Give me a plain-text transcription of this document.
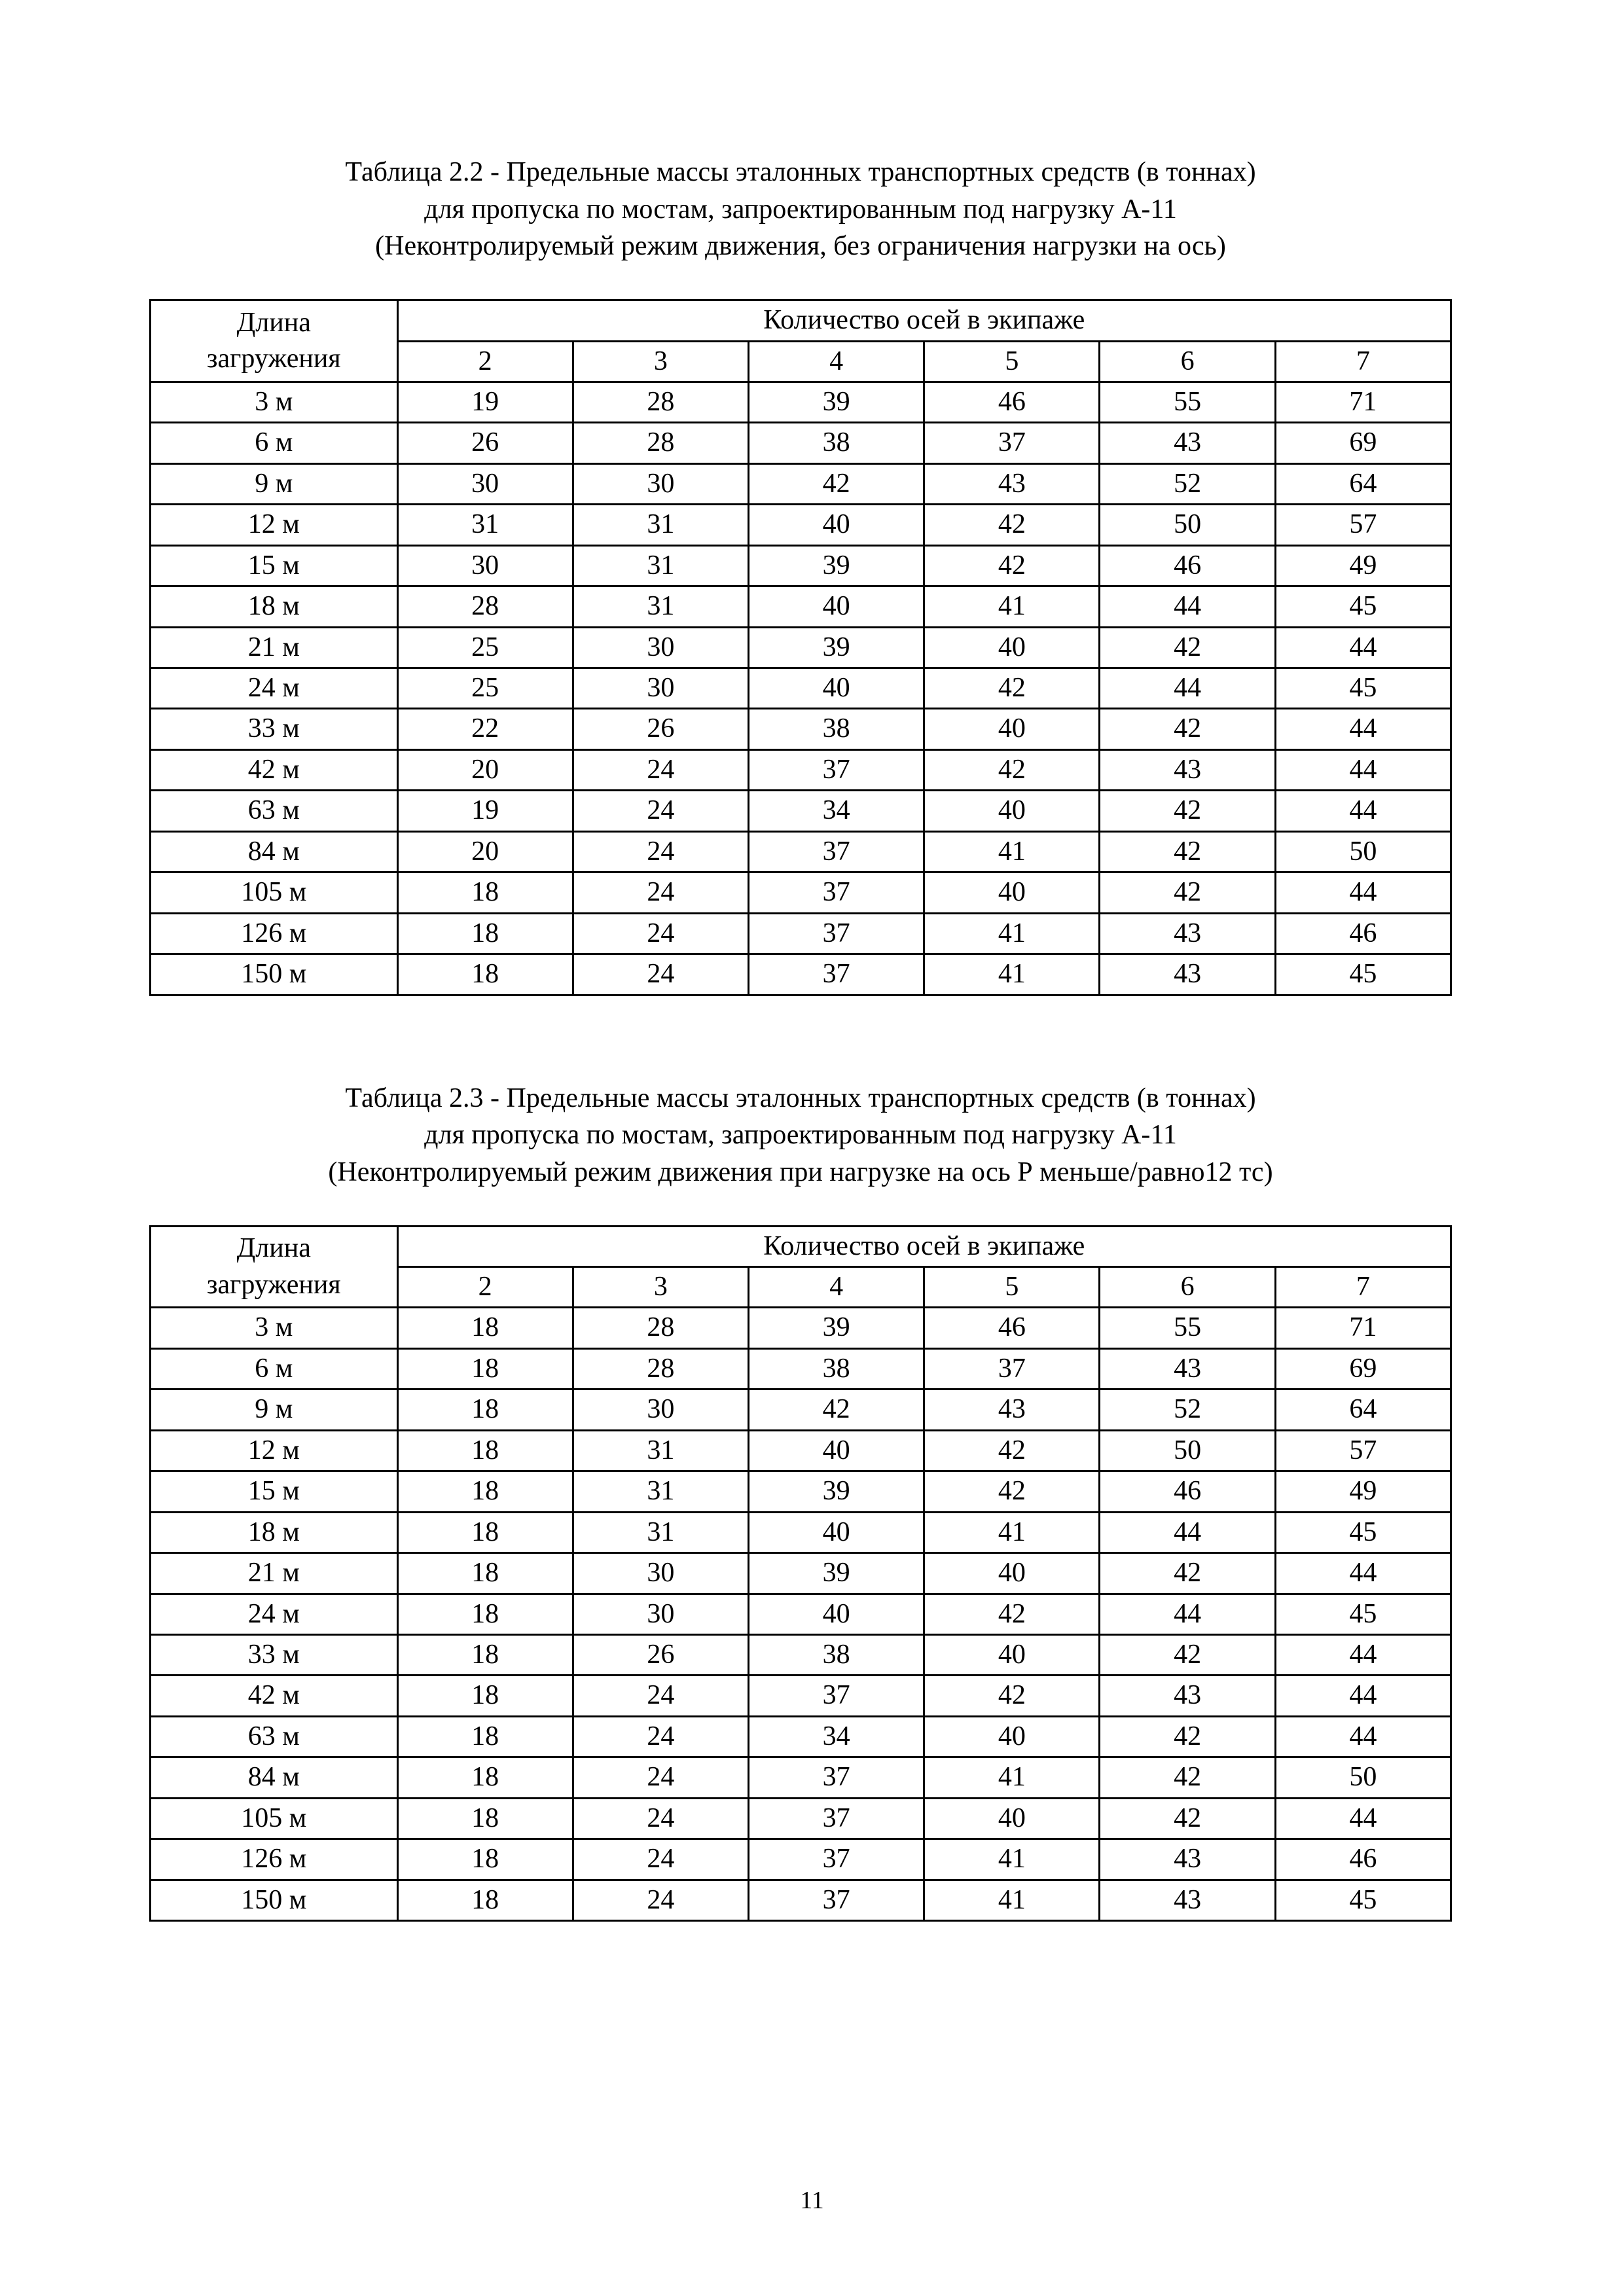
Таблица 2.2 - Предельные массы эталонных транспортных средств (в тоннах)
для пропуска по мостам, запроектированным под нагрузку А-11
(Неконтролируемый режим движения, без ограничения нагрузки на ось)

Длина
загружения	Количество осей в экипаже					
	2	3	4	5	6	7
3 м	19	28	39	46	55	71
6 м	26	28	38	37	43	69
9 м	30	30	42	43	52	64
12 м	31	31	40	42	50	57
15 м	30	31	39	42	46	49
18 м	28	31	40	41	44	45
21 м	25	30	39	40	42	44
24 м	25	30	40	42	44	45
33 м	22	26	38	40	42	44
42 м	20	24	37	42	43	44
63 м	19	24	34	40	42	44
84 м	20	24	37	41	42	50
105 м	18	24	37	40	42	44
126 м	18	24	37	41	43	46
150 м	18	24	37	41	43	45

Таблица 2.3 - Предельные массы эталонных транспортных средств (в тоннах)
для пропуска по мостам, запроектированным под нагрузку А-11
(Неконтролируемый режим движения при нагрузке на ось Р меньше/равно12 тс)

Длина
загружения	Количество осей в экипаже					
	2	3	4	5	6	7
3 м	18	28	39	46	55	71
6 м	18	28	38	37	43	69
9 м	18	30	42	43	52	64
12 м	18	31	40	42	50	57
15 м	18	31	39	42	46	49
18 м	18	31	40	41	44	45
21 м	18	30	39	40	42	44
24 м	18	30	40	42	44	45
33 м	18	26	38	40	42	44
42 м	18	24	37	42	43	44
63 м	18	24	34	40	42	44
84 м	18	24	37	41	42	50
105 м	18	24	37	40	42	44
126 м	18	24	37	41	43	46
150 м	18	24	37	41	43	45
11
